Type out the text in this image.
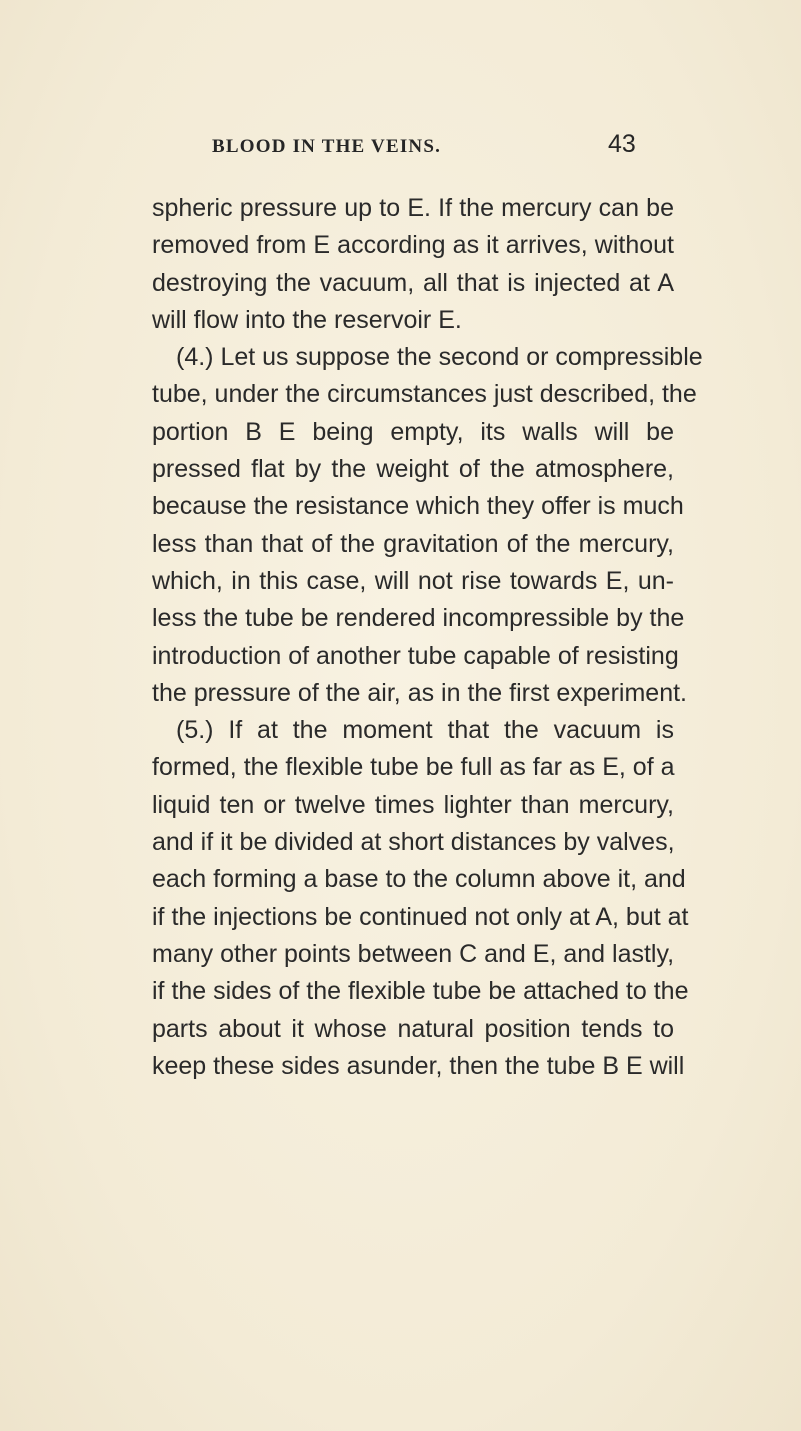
BLOOD IN THE VEINS.	43
spheric pressure up to E. If the mercury can be
removed from E according as it arrives, without
destroying the vacuum, all that is injected at A
will flow into the reservoir E.
(4.) Let us suppose the second or compressible
tube, under the circumstances just described, the
portion B E being empty, its walls will be
pressed flat by the weight of the atmosphere,
because the resistance which they offer is much
less than that of the gravitation of the mercury,
which, in this case, will not rise towards E, un-
less the tube be rendered incompressible by the
introduction of another tube capable of resisting
the pressure of the air, as in the first experiment.
(5.) If at the moment that the vacuum is
formed, the flexible tube be full as far as E, of a
liquid ten or twelve times lighter than mercury,
and if it be divided at short distances by valves,
each forming a base to the column above it, and
if the injections be continued not only at A, but at
many other points between C and E, and lastly,
if the sides of the flexible tube be attached to the
parts about it whose natural position tends to
keep these sides asunder, then the tube B E will
